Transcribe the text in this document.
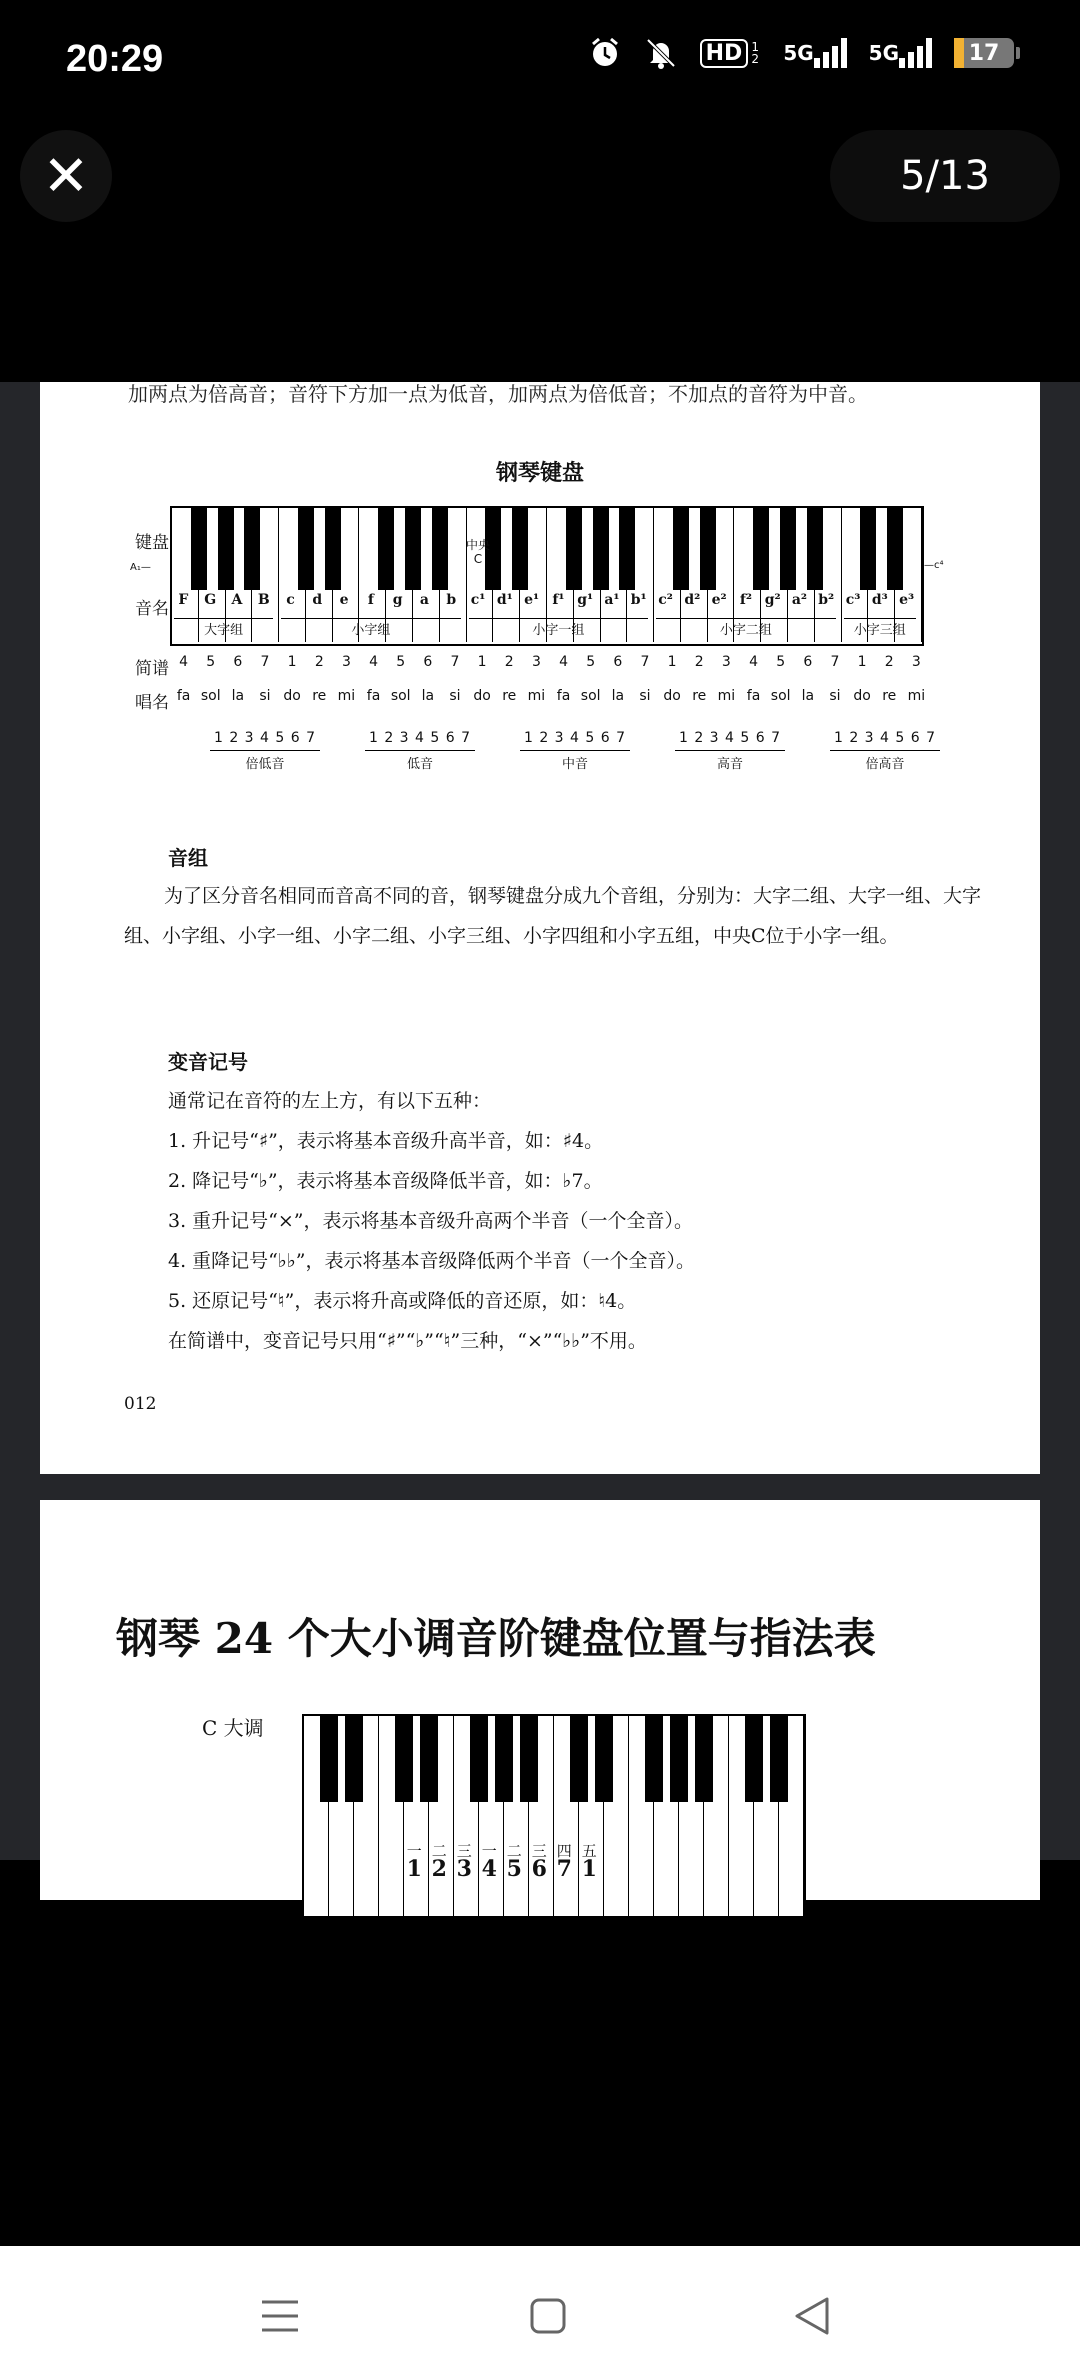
20:29	HD 1 2 5G	5G	17
✕	5/13
加两点为倍高音；音符下方加一点为低音，加两点为倍低音；不加点的音符为中音。
钢琴键盘
键盘
A₁—
音名
简谱
唱名
中央C	—c⁴
F	G	A	B	c	d	e	f	g	a	b	c¹ d¹ e¹ f¹ g¹ a¹ b¹ c² d² e² f² g² a² b² c³ d³ e³
大字组	小字组	小字一组	小字二组	小字三组
4	5	6	7	1	2	3	4	5	6	7	1	2	3	4	5	6	7	1	2	3	4	5	6	7	1	2	3
fa sol la	si do re mi fa sol la	si do re mi fa sol la	si do re mi fa sol la	si do re mi
1 2 3 4 5 6 7
倍低音
1 2 3 4 5 6 7
低音
1 2 3 4 5 6 7
中音
1 2 3 4 5 6 7
高音
1 2 3 4 5 6 7
倍高音
音组
为了区分音名相同而音高不同的音，钢琴键盘分成九个音组，分别为：大字二组、大字一组、大字组、小字组、小字一组、小字二组、小字三组、小字四组和小字五组，中央C位于小字一组。
变音记号
通常记在音符的左上方，有以下五种：
1. 升记号“♯”，表示将基本音级升高半音，如：♯4。
2. 降记号“♭”，表示将基本音级降低半音，如：♭7。
3. 重升记号“×”，表示将基本音级升高两个半音（一个全音）。
4. 重降记号“♭♭”，表示将基本音级降低两个半音（一个全音）。
5. 还原记号“♮”，表示将升高或降低的音还原，如：♮4。
在简谱中，变音记号只用“♯”“♭”“♮”三种，“×”“♭♭”不用。
012
钢琴 24 个大小调音阶键盘位置与指法表
C 大调
一
1
二
2
三
3
一
4
二
5
三
6
四
7
五
1
